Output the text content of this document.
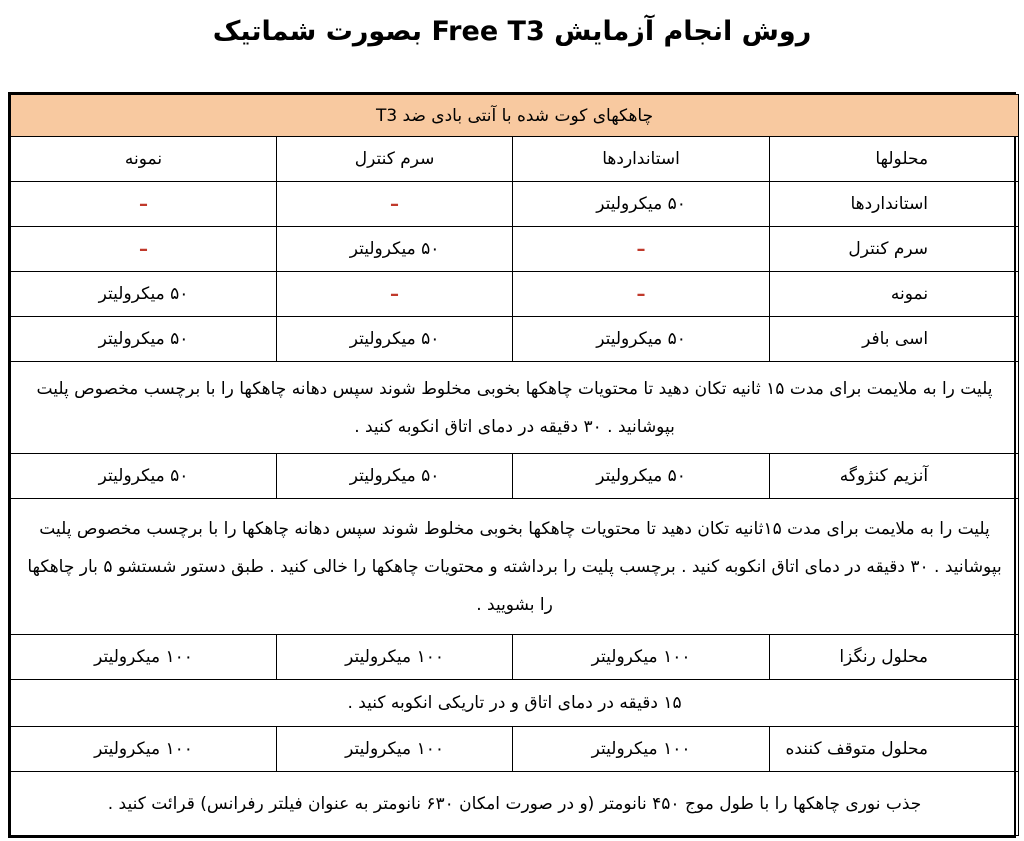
روش انجام آزمایش Free T3 بصورت شماتیک
چاهکهای کوت شده با آنتی بادی ضد T3			
محلولها	استانداردها	سرم کنترل	نمونه
استانداردها	۵۰ میکرولیتر	–	–
سرم کنترل	–	۵۰ میکرولیتر	–
نمونه	–	–	۵۰ میکرولیتر
اسی بافر	۵۰ میکرولیتر	۵۰ میکرولیتر	۵۰ میکرولیتر
پلیت را به ملایمت برای مدت ۱۵ ثانیه تکان دهید تا محتویات چاهکها بخوبی مخلوط شوند سپس دهانه چاهکها را با برچسب مخصوص پلیت بپوشانید . ۳۰ دقیقه در دمای اتاق انکوبه کنید .			
آنزیم کنژوگه	۵۰ میکرولیتر	۵۰ میکرولیتر	۵۰ میکرولیتر
پلیت را به ملایمت برای مدت ۱۵ثانیه تکان دهید تا محتویات چاهکها بخوبی مخلوط شوند سپس دهانه چاهکها را با برچسب مخصوص پلیت بپوشانید . ۳۰ دقیقه در دمای اتاق انکوبه کنید . برچسب پلیت را برداشته و محتویات چاهکها را خالی کنید . طبق دستور شستشو ۵ بار چاهکها را بشویید .			
محلول رنگزا	۱۰۰ میکرولیتر	۱۰۰ میکرولیتر	۱۰۰ میکرولیتر
۱۵ دقیقه در دمای اتاق و در تاریکی انکوبه کنید .			
محلول متوقف کننده	۱۰۰ میکرولیتر	۱۰۰ میکرولیتر	۱۰۰ میکرولیتر
جذب نوری چاهکها را با طول موج ۴۵۰ نانومتر (و در صورت امکان ۶۳۰ نانومتر به عنوان فیلتر رفرانس) قرائت کنید .			
